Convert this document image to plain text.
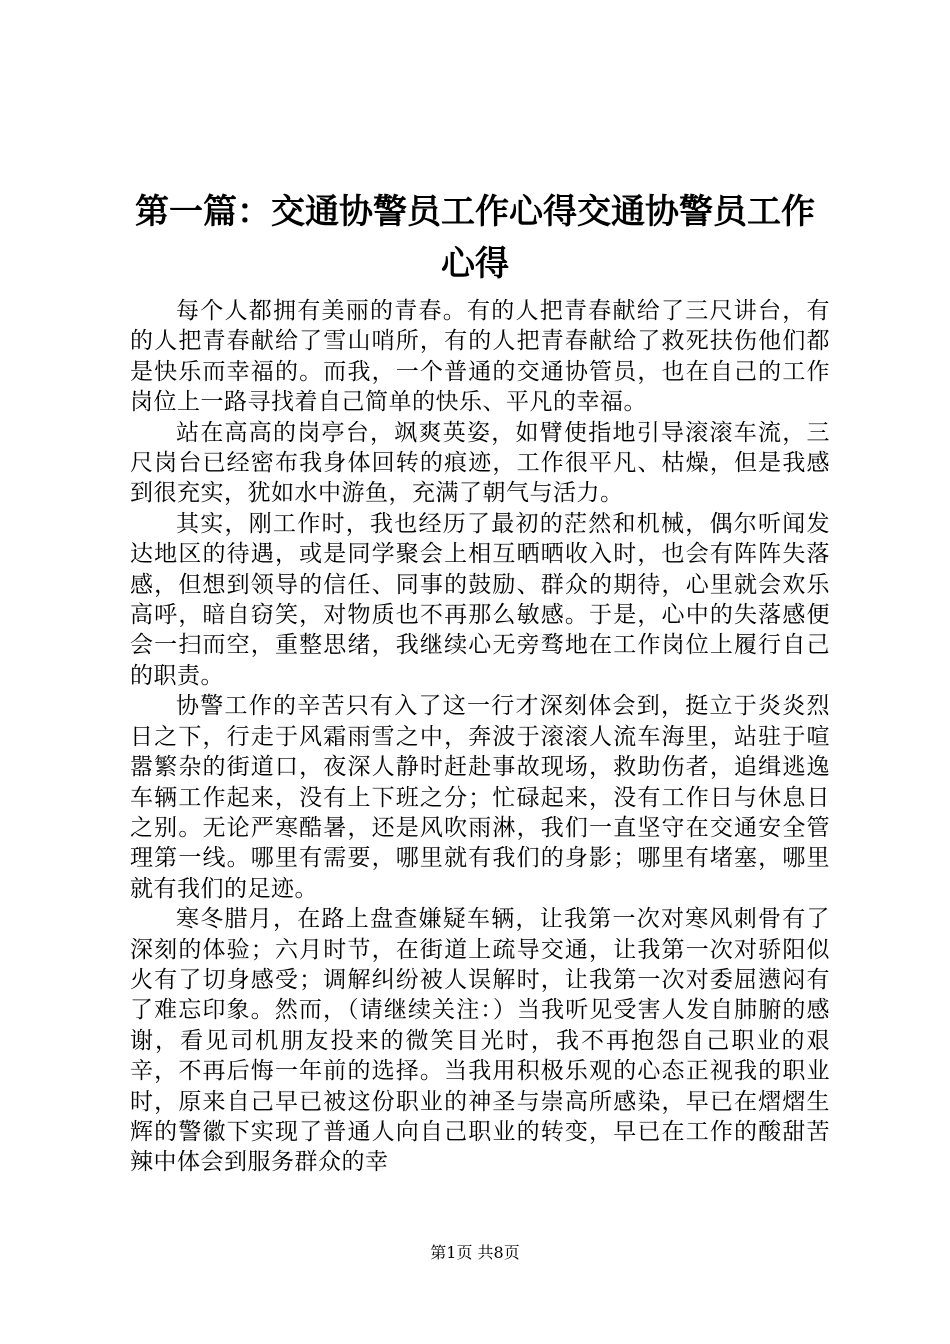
第一篇：交通协警员工作心得交通协警员工作心得

每个人都拥有美丽的青春。有的人把青春献给了三尺讲台，有的人把青春献给了雪山哨所，有的人把青春献给了救死扶伤他们都是快乐而幸福的。而我，一个普通的交通协管员，也在自己的工作岗位上一路寻找着自己简单的快乐、平凡的幸福。

站在高高的岗亭台，飒爽英姿，如臂使指地引导滚滚车流，三尺岗台已经密布我身体回转的痕迹，工作很平凡、枯燥，但是我感到很充实，犹如水中游鱼，充满了朝气与活力。

其实，刚工作时，我也经历了最初的茫然和机械，偶尔听闻发达地区的待遇，或是同学聚会上相互晒晒收入时，也会有阵阵失落感，但想到领导的信任、同事的鼓励、群众的期待，心里就会欢乐高呼，暗自窃笑，对物质也不再那么敏感。于是，心中的失落感便会一扫而空，重整思绪，我继续心无旁骛地在工作岗位上履行自己的职责。

协警工作的辛苦只有入了这一行才深刻体会到，挺立于炎炎烈日之下，行走于风霜雨雪之中，奔波于滚滚人流车海里，站驻于喧嚣繁杂的街道口，夜深人静时赶赴事故现场，救助伤者，追缉逃逸车辆工作起来，没有上下班之分；忙碌起来，没有工作日与休息日之别。无论严寒酷暑，还是风吹雨淋，我们一直坚守在交通安全管理第一线。哪里有需要，哪里就有我们的身影；哪里有堵塞，哪里就有我们的足迹。

寒冬腊月，在路上盘查嫌疑车辆，让我第一次对寒风刺骨有了深刻的体验；六月时节，在街道上疏导交通，让我第一次对骄阳似火有了切身感受；调解纠纷被人误解时，让我第一次对委屈懑闷有了难忘印象。然而，（请继续关注：）当我听见受害人发自肺腑的感谢，看见司机朋友投来的微笑目光时，我不再抱怨自己职业的艰辛，不再后悔一年前的选择。当我用积极乐观的心态正视我的职业时，原来自己早已被这份职业的神圣与崇高所感染，早已在熠熠生辉的警徽下实现了普通人向自己职业的转变，早已在工作的酸甜苦辣中体会到服务群众的幸

第1页 共8页
